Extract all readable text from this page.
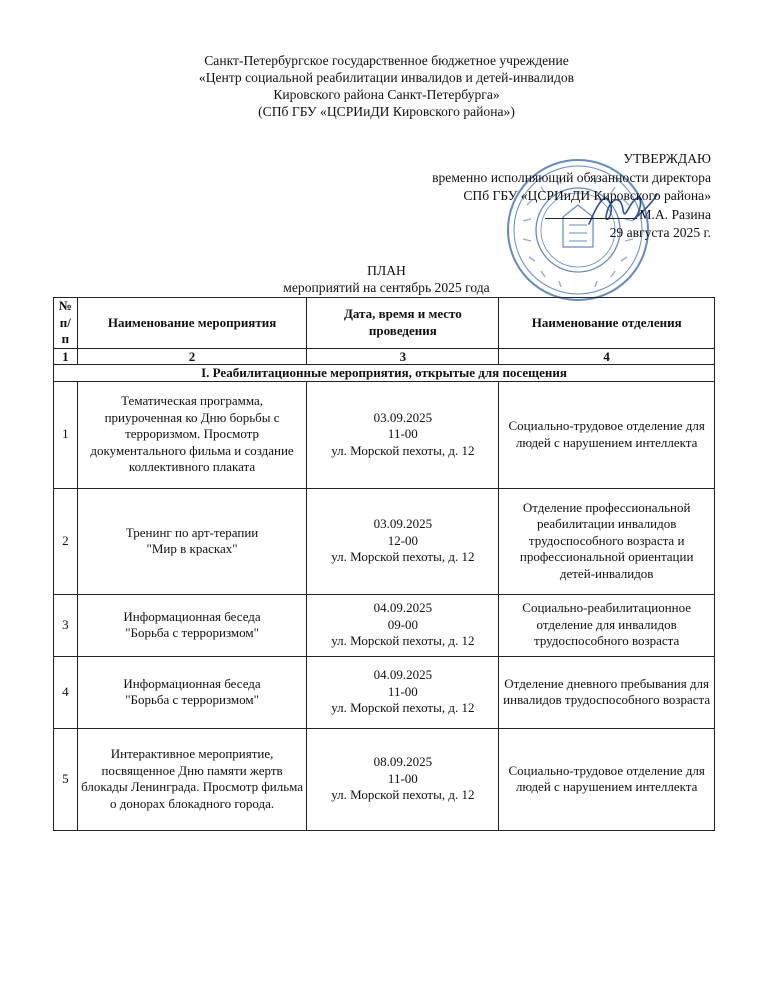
Санкт-Петербургское государственное бюджетное учреждение
«Центр социальной реабилитации инвалидов и детей-инвалидов
Кировского района Санкт-Петербурга»
(СПб ГБУ «ЦСРИиДИ Кировского района»)
УТВЕРЖДАЮ
временно исполняющий обязанности директора
СПб ГБУ «ЦСРИиДИ Кировского района»
М.А. Разина
29 августа 2025 г.
ПЛАН
мероприятий на сентябрь 2025 года
№ п/п	Наименование мероприятия	Дата, время и место проведения	Наименование отделения
1	2	3	4
I. Реабилитационные мероприятия, открытые для посещения			
1	Тематическая программа, приуроченная ко Дню борьбы с терроризмом. Просмотр документального фильма и создание коллективного плаката	03.09.2025
11-00
ул. Морской пехоты, д. 12	Социально-трудовое отделение для людей с нарушением интеллекта
2	Тренинг по арт-терапии
"Мир в красках"	03.09.2025
12-00
ул. Морской пехоты, д. 12	Отделение профессиональной реабилитации инвалидов трудоспособного возраста и профессиональной ориентации детей-инвалидов
3	Информационная беседа
"Борьба с терроризмом"	04.09.2025
09-00
ул. Морской пехоты, д. 12	Социально-реабилитационное отделение для инвалидов трудоспособного возраста
4	Информационная беседа
"Борьба с терроризмом"	04.09.2025
11-00
ул. Морской пехоты, д. 12	Отделение дневного пребывания для инвалидов трудоспособного возраста
5	Интерактивное мероприятие, посвященное Дню памяти жертв блокады Ленинграда. Просмотр фильма о донорах блокадного города.	08.09.2025
11-00
ул. Морской пехоты, д. 12	Социально-трудовое отделение для людей с нарушением интеллекта
